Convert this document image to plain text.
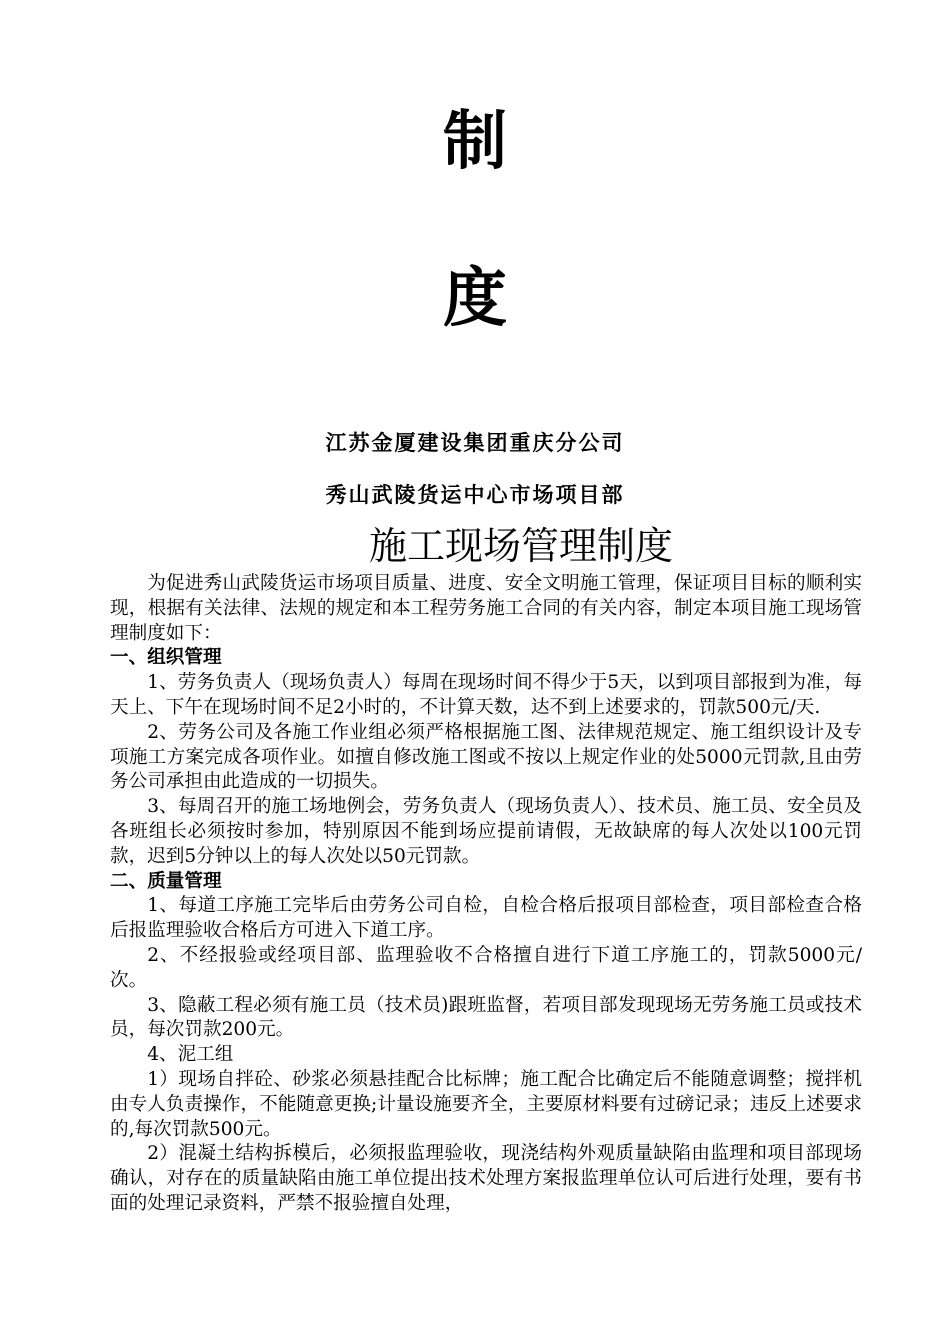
制
度
江苏金厦建设集团重庆分公司
秀山武陵货运中心市场项目部
施工现场管理制度

为促进秀山武陵货运市场项目质量、进度、安全文明施工管理，保证项目目标的顺利实现，根据有关法律、法规的规定和本工程劳务施工合同的有关内容，制定本项目施工现场管理制度如下：

一、组织管理

1、劳务负责人（现场负责人）每周在现场时间不得少于5天，以到项目部报到为准，每天上、下午在现场时间不足2小时的，不计算天数，达不到上述要求的，罚款500元/天.

2、劳务公司及各施工作业组必须严格根据施工图、法律规范规定、施工组织设计及专项施工方案完成各项作业。如擅自修改施工图或不按以上规定作业的处5000元罚款,且由劳务公司承担由此造成的一切损失。

3、每周召开的施工场地例会，劳务负责人（现场负责人）、技术员、施工员、安全员及各班组长必须按时参加，特别原因不能到场应提前请假，无故缺席的每人次处以100元罚款，迟到5分钟以上的每人次处以50元罚款。

二、质量管理

1、每道工序施工完毕后由劳务公司自检，自检合格后报项目部检查，项目部检查合格后报监理验收合格后方可进入下道工序。

2、不经报验或经项目部、监理验收不合格擅自进行下道工序施工的，罚款5000元/次。

3、隐蔽工程必须有施工员（技术员)跟班监督，若项目部发现现场无劳务施工员或技术员，每次罚款200元。

4、泥工组

1）现场自拌砼、砂浆必须悬挂配合比标牌；施工配合比确定后不能随意调整；搅拌机由专人负责操作，不能随意更换;计量设施要齐全，主要原材料要有过磅记录；违反上述要求的,每次罚款500元。

2）混凝土结构拆模后，必须报监理验收，现浇结构外观质量缺陷由监理和项目部现场确认，对存在的质量缺陷由施工单位提出技术处理方案报监理单位认可后进行处理，要有书面的处理记录资料，严禁不报验擅自处理，
